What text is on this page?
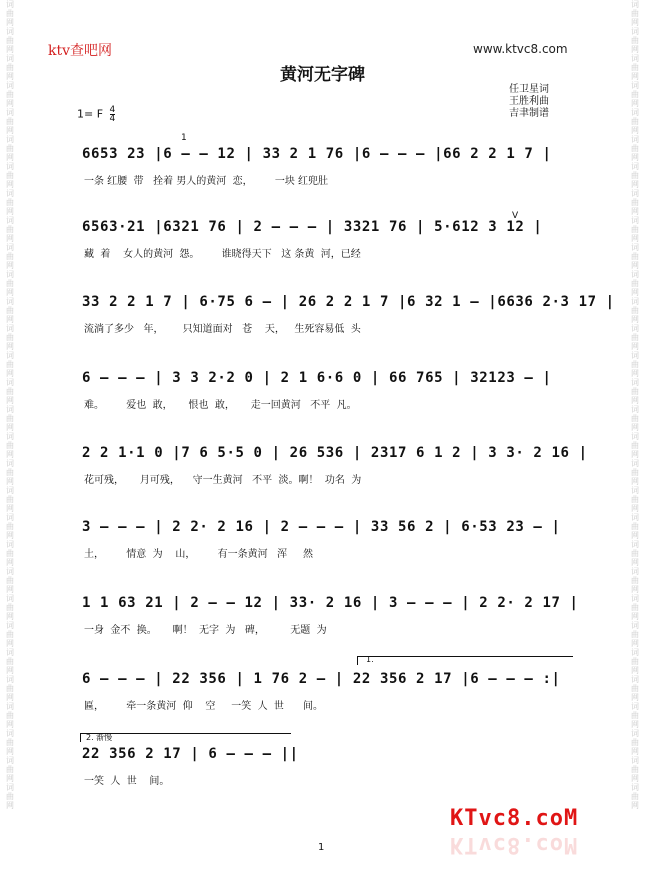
词曲网词曲网词曲网词曲网词曲网词曲网词曲网词曲网词曲网词曲网词曲网词曲网词曲网词曲网词曲网词曲网词曲网词曲网词曲网词曲网词曲网词曲网词曲网词曲网词曲网词曲网词曲网词曲网词曲网词曲网
词曲网词曲网词曲网词曲网词曲网词曲网词曲网词曲网词曲网词曲网词曲网词曲网词曲网词曲网词曲网词曲网词曲网词曲网词曲网词曲网词曲网词曲网词曲网词曲网词曲网词曲网词曲网词曲网词曲网词曲网
ktv查吧网	www.ktvc8.com
黄河无字碑
任卫星词
王胜利曲
吉聿制谱
1= F $\frac{4}{4}$
1
V
6653 23 |6 ‒ ‒ 12 | 33 2 1 76 |6 ‒ ‒ ‒ |66 2 2 1 7 |
一条 红腰  带   拴着 男人的黄河  恋，       一块 红兜肚
6563·21 |6321 76 | 2 ‒ ‒ ‒ | 3321 76 | 5·612 3 12 |
藏  着    女人的黄河  怨。       谁晓得天下   这 条黄  河，已经
33 2 2 1 7 | 6·75 6 ‒ | 26 2 2 1 7 |6 32 1 ‒ |6636 2·3 17 |
流淌了多少   年，      只知道面对   苍    天，   生死容易低  头
6 ‒ ‒ ‒ | 3 3 2·2 0 | 2 1 6·6 0 | 66 765 | 32123 ‒ |
难。       爱也  敢，     恨也  敢，     走一回黄河   不平  凡。
2 2 1·1 0 |7 6 5·5 0 | 26 536 | 2317 6 1 2 | 3 3· 2 16 |
花可残，     月可残，    守一生黄河   不平  淡。啊！  功名  为
3 ‒ ‒ ‒ | 2 2· 2 16 | 2 ‒ ‒ ‒ | 33 56 2 | 6·53 23 ‒ |
土，       情意  为    山，       有一条黄河   浑     然
1 1 63 21 | 2 ‒ ‒ 12 | 33· 2 16 | 3 ‒ ‒ ‒ | 2 2· 2 17 |
一身  金不  换。     啊！  无字  为   碑，        无题  为
1.
6 ‒ ‒ ‒ | 22 356 | 1 76 2 ‒ | 22 356 2 17 |6 ‒ ‒ ‒ :|
匾，       牵一条黄河  仰    空     一笑  人  世      间。
2. 渐慢
22 356 2 17 | 6 ‒ ‒ ‒ ||
一笑  人  世    间。
KTvc8.coM
KTvc8.coM
1
